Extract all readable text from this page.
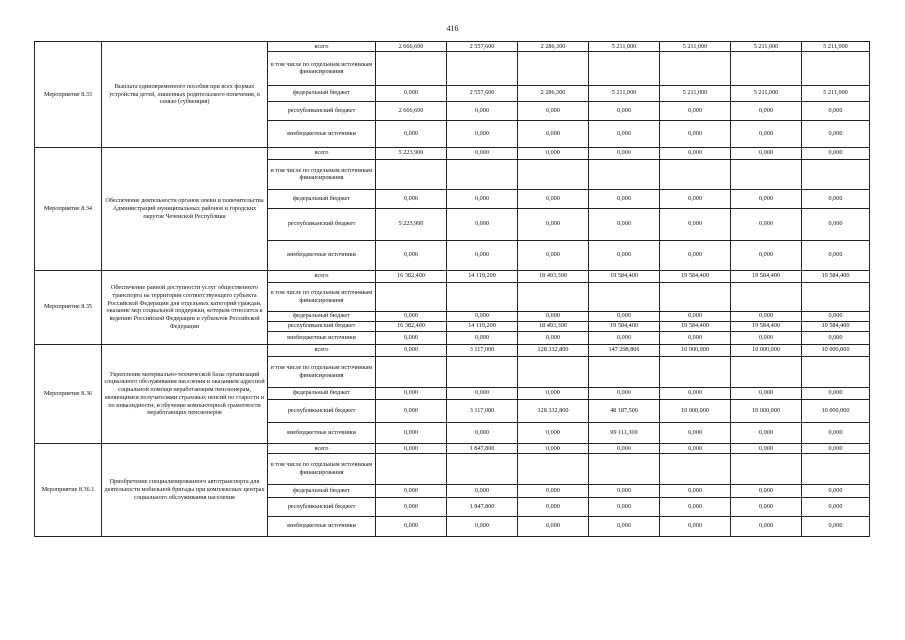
416
Мероприятие 8.33	Выплата единовременного пособия при всех формах устройства детей, лишенных родительского попечения, в семью (субвенция)	всего	2 666,600	2 557,600	2 286,300	5 211,000	5 211,000	5 211,000	5 211,000
		в том числе по отдельным источникам финансирования							
		федеральный бюджет	0,000	2 557,600	2 286,300	5 211,000	5 211,000	5 211,000	5 211,000
		республиканский бюджет	2 666,600	0,000	0,000	0,000	0,000	0,000	0,000
		внебюджетные источники	0,000	0,000	0,000	0,000	0,000	0,000	0,000
Мероприятие 8.34	Обеспечение деятельности органов опеки и попечительства Администраций муниципальных районов и городских округов Чеченской Республики	всего	5 223,900	0,000	0,000	0,000	0,000	0,000	0,000
		в том числе по отдельным источникам финансирования							
		федеральный бюджет	0,000	0,000	0,000	0,000	0,000	0,000	0,000
		республиканский бюджет	5 223,900	0,000	0,000	0,000	0,000	0,000	0,000
		внебюджетные источники	0,000	0,000	0,000	0,000	0,000	0,000	0,000
Мероприятие 8.35	Обеспечение равной доступности услуг общественного транспорта на территории соответствующего субъекта Российской Федерации для отдельных категорий граждан, оказание мер социальной поддержки, которым относится к ведению Российской Федерации и субъектов Российской Федерации	всего	16 382,400	14 119,200	18 493,300	19 584,400	19 584,400	19 584,400	19 584,400
		в том числе по отдельным источникам финансирования							
		федеральный бюджет	0,000	0,000	0,000	0,000	0,000	0,000	0,000
		республиканский бюджет	16 382,400	14 119,200	18 493,300	19 584,400	19 584,400	19 584,400	19 584,400
		внебюджетные источники	0,000	0,000	0,000	0,000	0,000	0,000	0,000
Мероприятие 8.36	Укрепление материально-технической базы организаций социального обслуживания населения и оказанием адресной социальной помощи неработающим пенсионерам, являющимся получателями страховых пенсий по старости и по инвалидности, и обучение компьютерной грамотности неработающих пенсионеров	всего	0,000	3 117,000	128 332,800	147 298,806	10 000,000	10 000,000	10 000,000
		в том числе по отдельным источникам финансирования							
		федеральный бюджет	0,000	0,000	0,000	0,000	0,000	0,000	0,000
		республиканский бюджет	0,000	3 117,000	128 332,800	48 187,506	10 000,000	10 000,000	10 000,000
		внебюджетные источники	0,000	0,000	0,000	99 111,300	0,000	0,000	0,000
Мероприятие 8.36.1	Приобретение специализированного автотранспорта для деятельности мобильной бригады при комплексных центрах социального обслуживания населения	всего	0,000	1 847,800	0,000	0,000	0,000	0,000	0,000
		в том числе по отдельным источникам финансирования							
		федеральный бюджет	0,000	0,000	0,000	0,000	0,000	0,000	0,000
		республиканский бюджет	0,000	1 847,800	0,000	0,000	0,000	0,000	0,000
		внебюджетные источники	0,000	0,000	0,000	0,000	0,000	0,000	0,000
